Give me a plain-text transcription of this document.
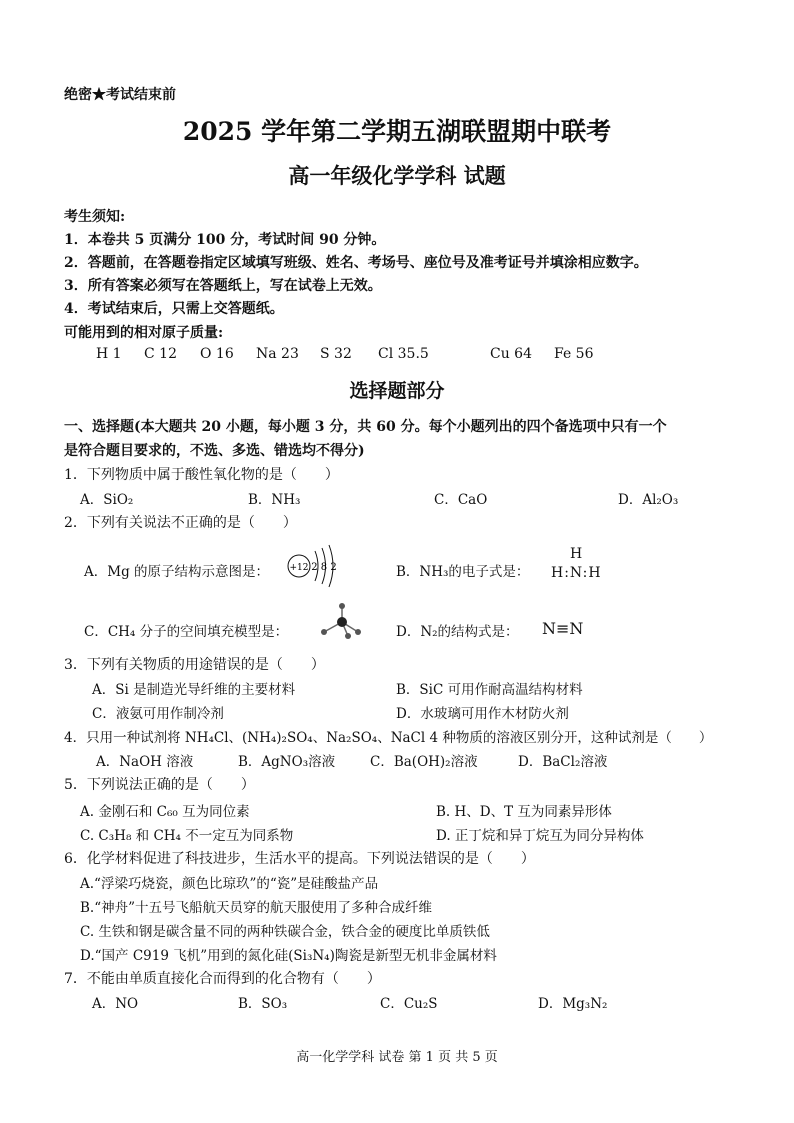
绝密★考试结束前
2025 学年第二学期五湖联盟期中联考
高一年级化学学科 试题
考生须知:
1．本卷共 5 页满分 100 分，考试时间 90 分钟。
2．答题前，在答题卷指定区域填写班级、姓名、考场号、座位号及准考证号并填涂相应数字。
3．所有答案必须写在答题纸上，写在试卷上无效。
4．考试结束后，只需上交答题纸。
可能用到的相对原子质量:
H 1 C 12 O 16 Na 23 S 32 Cl 35.5	Cu 64 Fe 56
选择题部分
一、选择题(本大题共 20 小题，每小题 3 分，共 60 分。每个小题列出的四个备选项中只有一个
是符合题目要求的，不选、多选、错选均不得分)
1．下列物质中属于酸性氧化物的是（　　）
A．SiO₂	B．NH₃	C．CaO	D．Al₂O₃
2．下列有关说法不正确的是（　　）
A．Mg 的原子结构示意图是： +12 2 8 2	B．NH₃的电子式是：
H
H:N:H
C．CH₄ 分子的空间填充模型是：	D．N₂的结构式是： N≡N
3．下列有关物质的用途错误的是（　　）
A．Si 是制造光导纤维的主要材料	B．SiC 可用作耐高温结构材料
C．液氨可用作制冷剂	D．水玻璃可用作木材防火剂
4．只用一种试剂将 NH₄Cl、(NH₄)₂SO₄、Na₂SO₄、NaCl 4 种物质的溶液区别分开，这种试剂是（　　）
A．NaOH 溶液	B．AgNO₃溶液	C．Ba(OH)₂溶液	D．BaCl₂溶液
5．下列说法正确的是（　　）
A. 金刚石和 C₆₀ 互为同位素	B. H、D、T 互为同素异形体
C. C₃H₈ 和 CH₄ 不一定互为同系物	D. 正丁烷和异丁烷互为同分异构体
6．化学材料促进了科技进步，生活水平的提高。下列说法错误的是（　　）
A.“浮梁巧烧瓷，颜色比琼玖”的“瓷”是硅酸盐产品
B.“神舟”十五号飞船航天员穿的航天服使用了多种合成纤维
C. 生铁和钢是碳含量不同的两种铁碳合金，铁合金的硬度比单质铁低
D.“国产 C919 飞机”用到的氮化硅(Si₃N₄)陶瓷是新型无机非金属材料
7．不能由单质直接化合而得到的化合物有（　　）
A．NO	B．SO₃	C．Cu₂S	D．Mg₃N₂
高一化学学科 试卷 第 1 页 共 5 页
